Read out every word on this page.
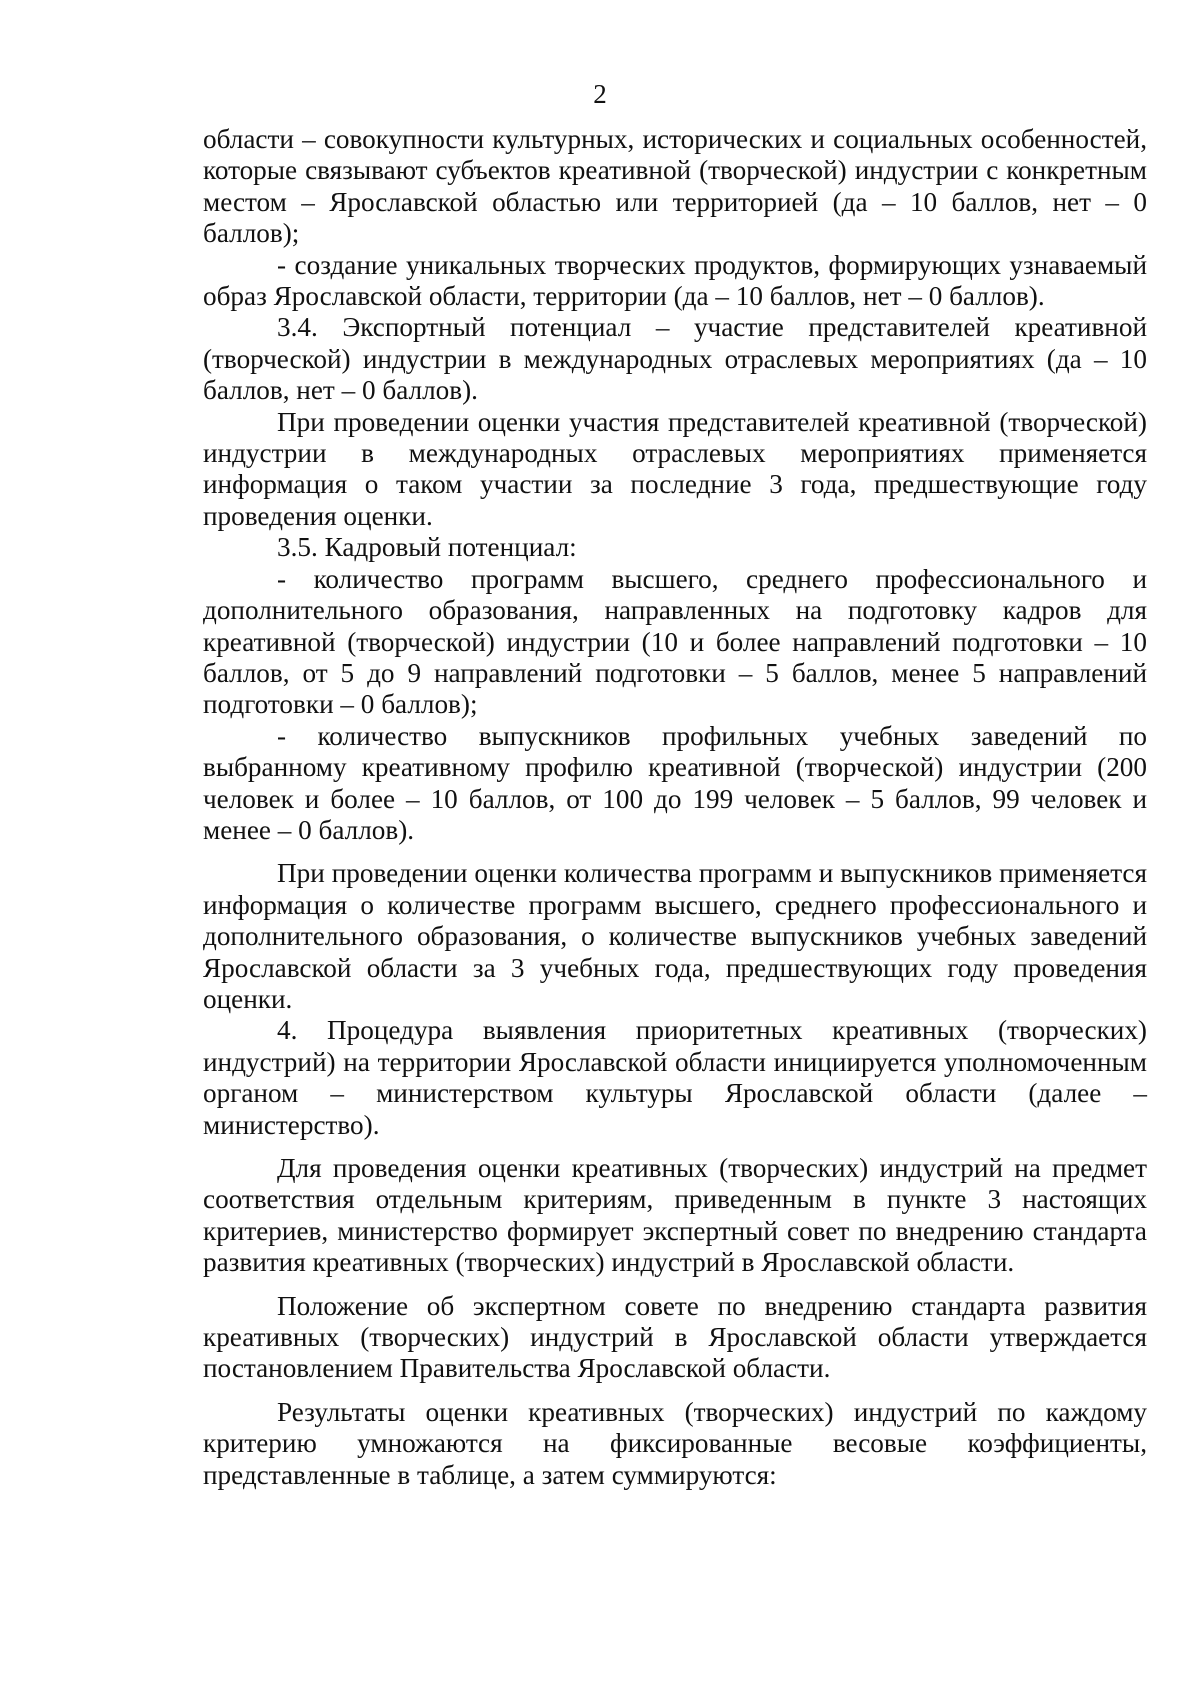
2

области – совокупности культурных, исторических и социальных особенностей, которые связывают субъектов креативной (творческой) индустрии с конкретным местом – Ярославской областью или территорией (да – 10 баллов, нет – 0 баллов);

- создание уникальных творческих продуктов, формирующих узнаваемый образ Ярославской области, территории (да – 10 баллов, нет – 0 баллов).

3.4. Экспортный потенциал – участие представителей креативной (творческой) индустрии в международных отраслевых мероприятиях (да – 10 баллов, нет – 0 баллов).

При проведении оценки участия представителей креативной (творческой) индустрии в международных отраслевых мероприятиях применяется информация о таком участии за последние 3 года, предшествующие году проведения оценки.

3.5. Кадровый потенциал:

- количество программ высшего, среднего профессионального и дополнительного образования, направленных на подготовку кадров для креативной (творческой) индустрии (10 и более направлений подготовки – 10 баллов, от 5 до 9 направлений подготовки – 5 баллов, менее 5 направлений подготовки – 0 баллов);

- количество выпускников профильных учебных заведений по выбранному креативному профилю креативной (творческой) индустрии (200 человек и более – 10 баллов, от 100 до 199 человек – 5 баллов, 99 человек и менее – 0 баллов).

При проведении оценки количества программ и выпускников применяется информация о количестве программ высшего, среднего профессионального и дополнительного образования, о количестве выпускников учебных заведений Ярославской области за 3 учебных года, предшествующих году проведения оценки.

4. Процедура выявления приоритетных креативных (творческих) индустрий) на территории Ярославской области инициируется уполномоченным органом – министерством культуры Ярославской области (далее – министерство).

Для проведения оценки креативных (творческих) индустрий на предмет соответствия отдельным критериям, приведенным в пункте 3 настоящих критериев, министерство формирует экспертный совет по внедрению стандарта развития креативных (творческих) индустрий в Ярославской области.

Положение об экспертном совете по внедрению стандарта развития креативных (творческих) индустрий в Ярославской области утверждается постановлением Правительства Ярославской области.

Результаты оценки креативных (творческих) индустрий по каждому критерию умножаются на фиксированные весовые коэффициенты, представленные в таблице, а затем суммируются:
